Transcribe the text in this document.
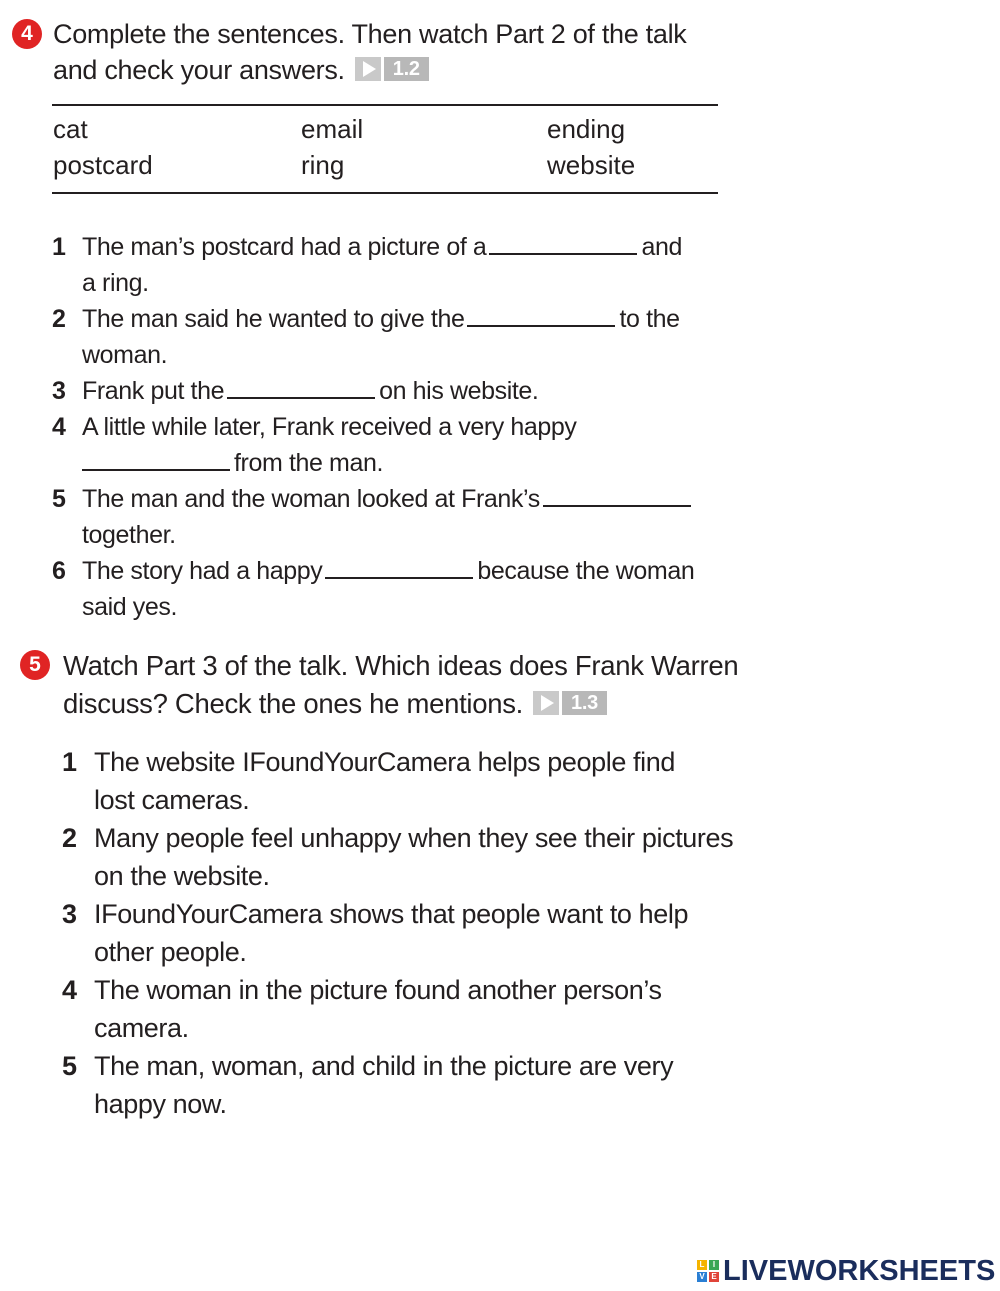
4 Complete the sentences. Then watch Part 2 of the talk
and check your answers.	1.2
cat	email	ending
postcard	ring	website
1 The man’s postcard had a picture of a	and
a ring.
2 The man said he wanted to give the	to the
woman.
3 Frank put the	on his website.
4 A little while later, Frank received a very happy
from the man.
5 The man and the woman looked at Frank’s
together.
6 The story had a happy	because the woman
said yes.
5 Watch Part 3 of the talk. Which ideas does Frank Warren
discuss? Check the ones he mentions.	1.3
1 The website IFoundYourCamera helps people find
lost cameras.
2 Many people feel unhappy when they see their pictures
on the website.
3 IFoundYourCamera shows that people want to help
other people.
4 The woman in the picture found another person’s
camera.
5 The man, woman, and child in the picture are very
happy now.
L	I
V E LIVEWORKSHEETS
